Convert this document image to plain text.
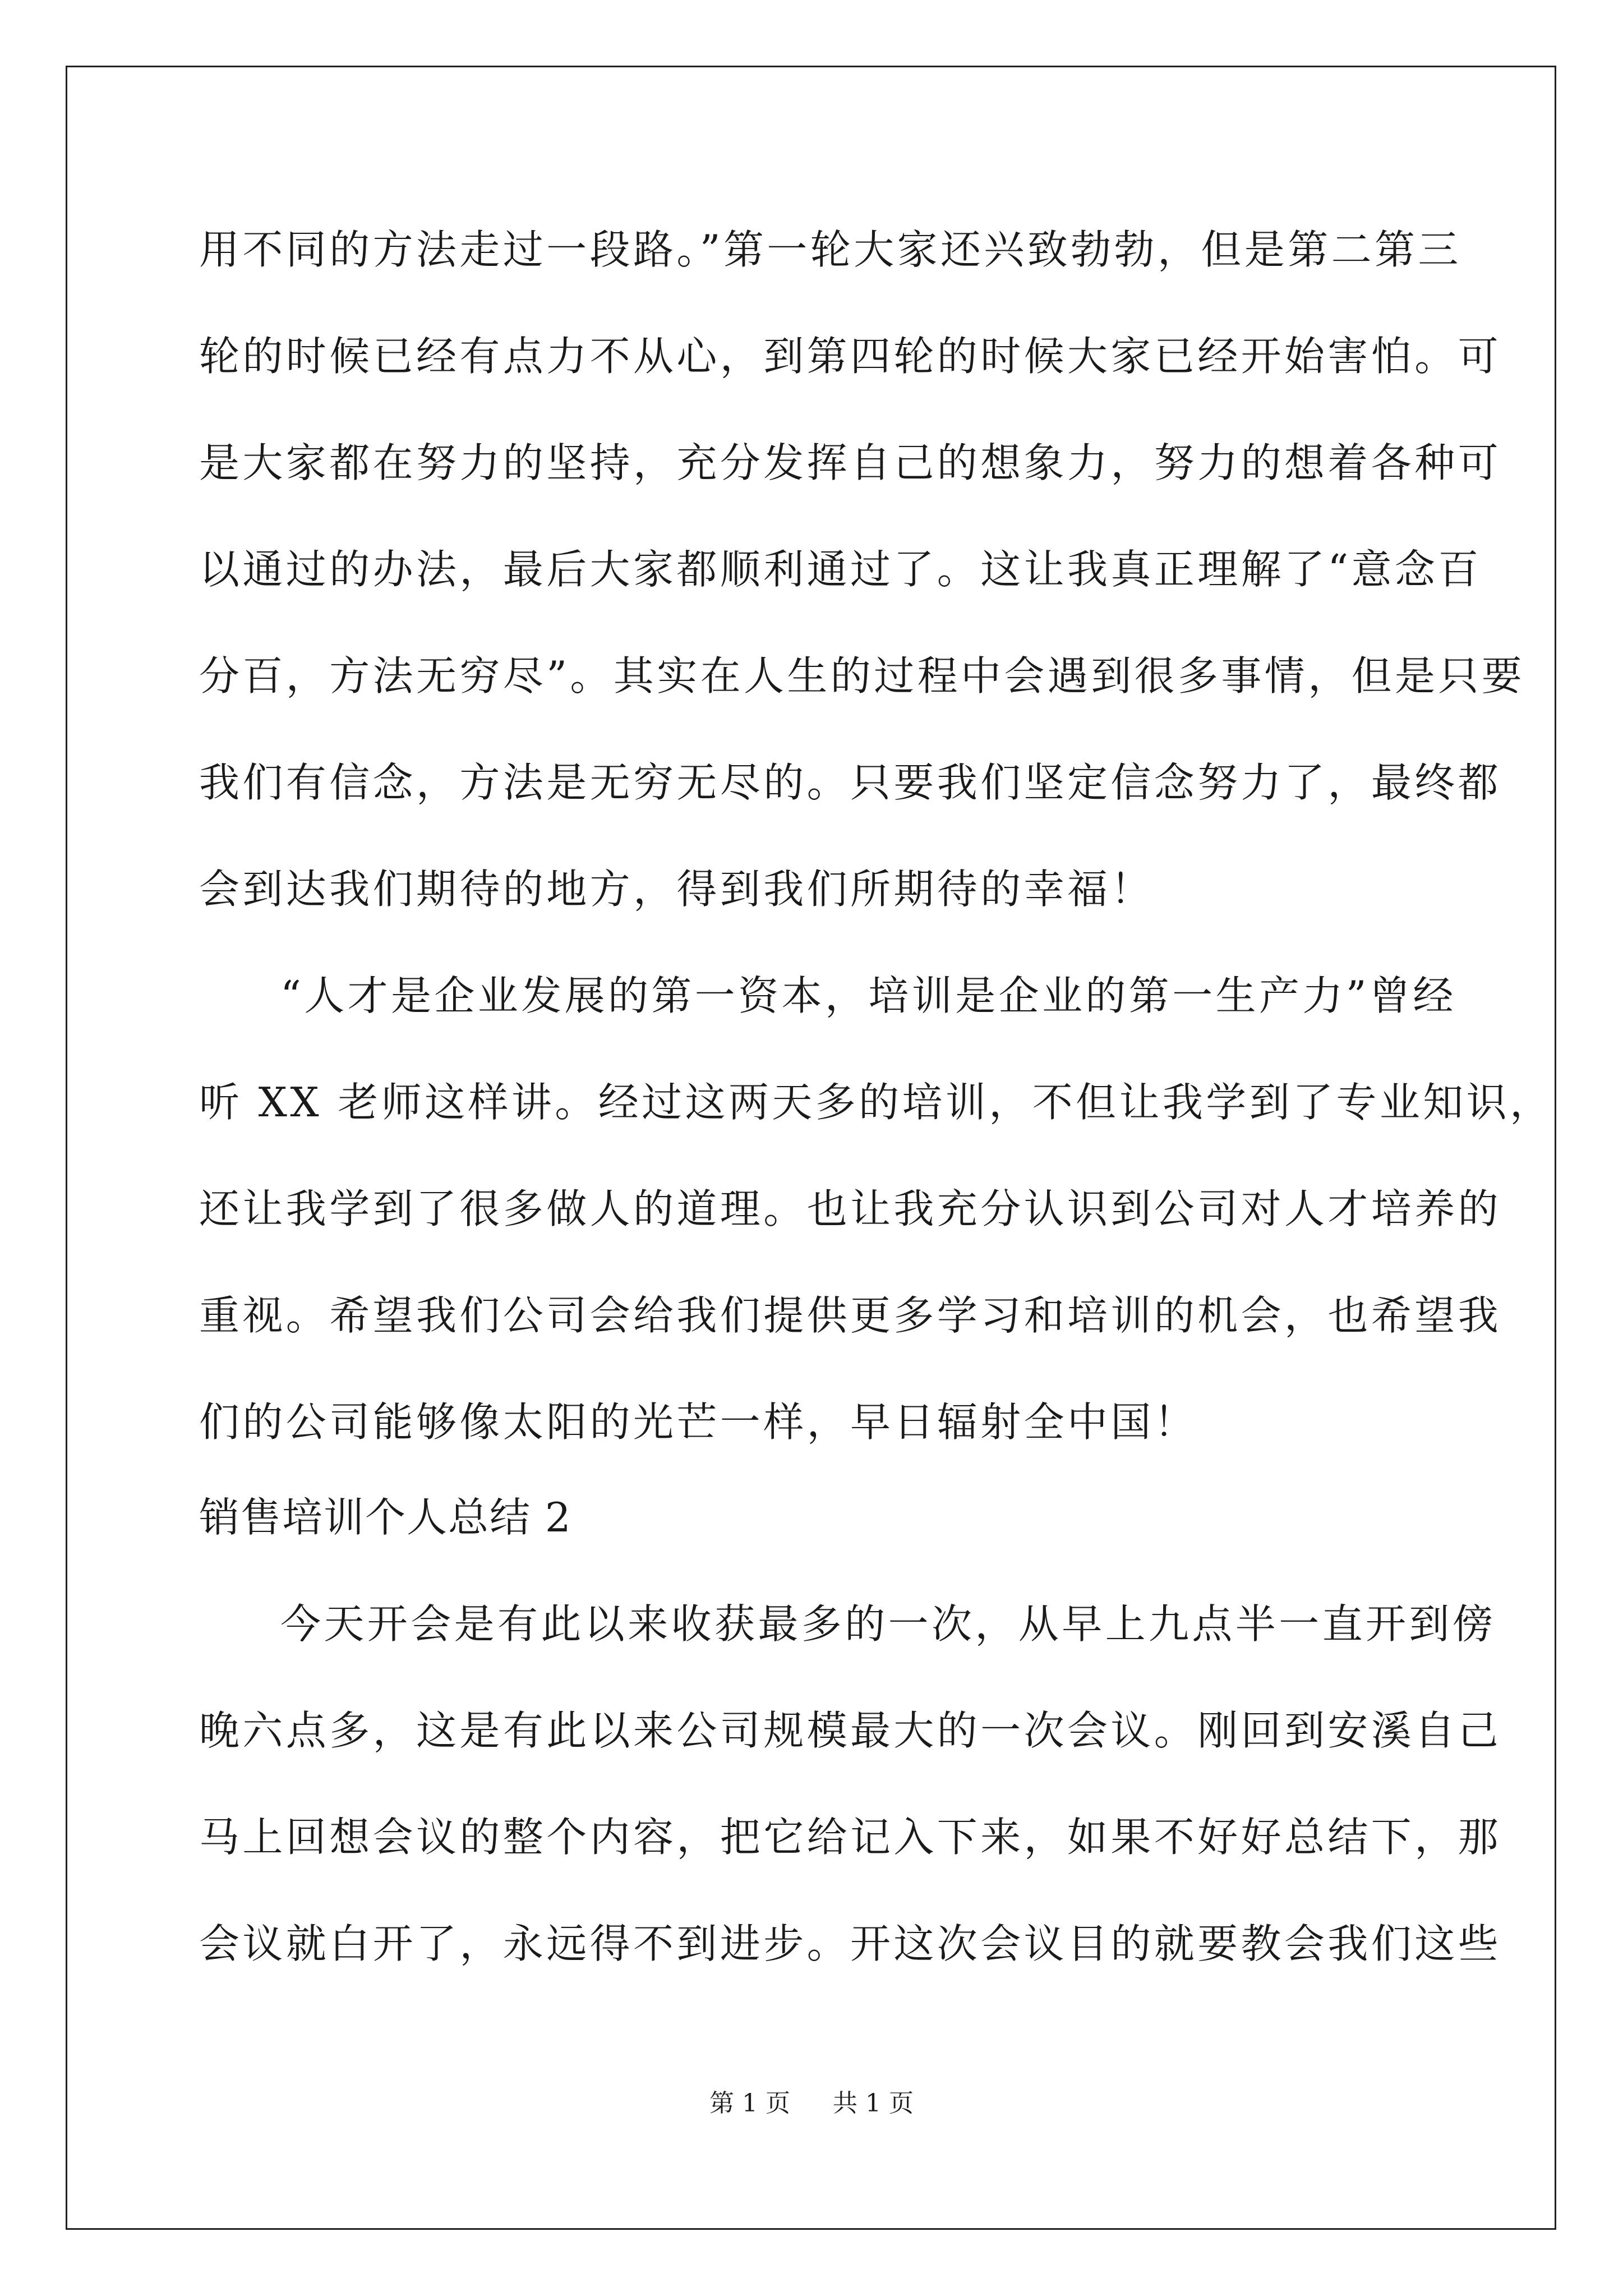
用不同的方法走过一段路。”第一轮大家还兴致勃勃，但是第二第三
轮的时候已经有点力不从心，到第四轮的时候大家已经开始害怕。可
是大家都在努力的坚持，充分发挥自己的想象力，努力的想着各种可
以通过的办法，最后大家都顺利通过了。这让我真正理解了“意念百
分百，方法无穷尽”。其实在人生的过程中会遇到很多事情，但是只要
我们有信念，方法是无穷无尽的。只要我们坚定信念努力了，最终都
会到达我们期待的地方，得到我们所期待的幸福！
“人才是企业发展的第一资本，培训是企业的第一生产力”曾经
听 XX 老师这样讲。经过这两天多的培训，不但让我学到了专业知识，
还让我学到了很多做人的道理。也让我充分认识到公司对人才培养的
重视。希望我们公司会给我们提供更多学习和培训的机会，也希望我
们的公司能够像太阳的光芒一样，早日辐射全中国！
销售培训个人总结 2
今天开会是有此以来收获最多的一次，从早上九点半一直开到傍
晚六点多，这是有此以来公司规模最大的一次会议。刚回到安溪自己
马上回想会议的整个内容，把它给记入下来，如果不好好总结下，那
会议就白开了，永远得不到进步。开这次会议目的就要教会我们这些
第 1 页 共 1 页
